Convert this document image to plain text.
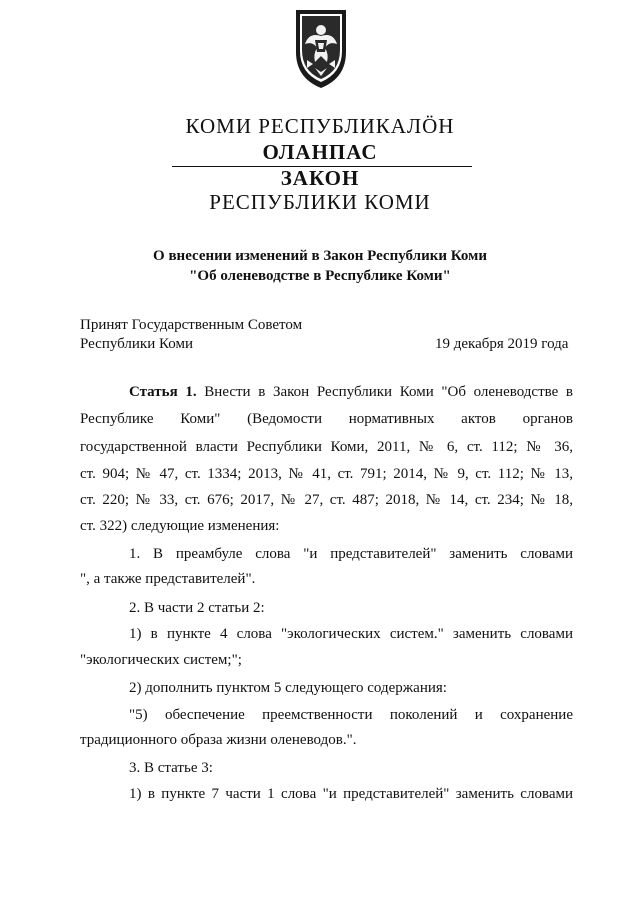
КОМИ РЕСПУБЛИКАЛӦН
ОЛАНПАС
ЗАКОН
РЕСПУБЛИКИ КОМИ
О внесении изменений в Закон Республики Коми
"Об оленеводстве в Республике Коми"
Принят Государственным Советом
Республики Коми	19 декабря 2019 года
Статья 1. Внести в Закон Республики Коми "Об оленеводстве в
Республике Коми" (Ведомости нормативных актов органов
государственной власти Республики Коми, 2011, № 6, ст. 112; № 36,
ст. 904; № 47, ст. 1334; 2013, № 41, ст. 791; 2014, № 9, ст. 112; № 13,
ст. 220; № 33, ст. 676; 2017, № 27, ст. 487; 2018, № 14, ст. 234; № 18,
ст. 322) следующие изменения:
1. В преамбуле слова "и представителей" заменить словами
", а также представителей".
2. В части 2 статьи 2:
1) в пункте 4 слова "экологических систем." заменить словами
"экологических систем;";
2) дополнить пунктом 5 следующего содержания:
"5) обеспечение преемственности поколений и сохранение
традиционного образа жизни оленеводов.".
3. В статье 3:
1) в пункте 7 части 1 слова "и представителей" заменить словами
